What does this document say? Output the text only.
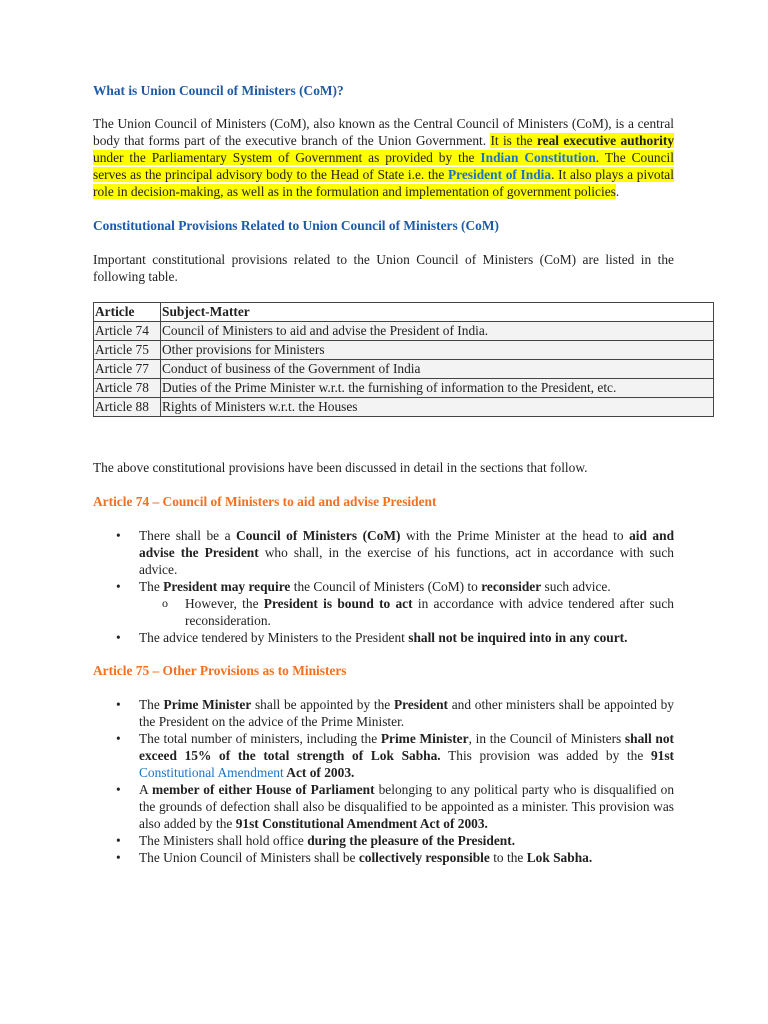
What is Union Council of Ministers (CoM)?

The Union Council of Ministers (CoM), also known as the Central Council of Ministers (CoM), is a central body that forms part of the executive branch of the Union Government. It is the real executive authority under the Parliamentary System of Government as provided by the Indian Constitution. The Council serves as the principal advisory body to the Head of State i.e. the President of India. It also plays a pivotal role in decision-making, as well as in the formulation and implementation of government policies.

Constitutional Provisions Related to Union Council of Ministers (CoM)

Important constitutional provisions related to the Union Council of Ministers (CoM) are listed in the following table.

Article	Subject-Matter
Article 74	Council of Ministers to aid and advise the President of India.
Article 75	Other provisions for Ministers
Article 77	Conduct of business of the Government of India
Article 78	Duties of the Prime Minister w.r.t. the furnishing of information to the President, etc.
Article 88	Rights of Ministers w.r.t. the Houses

The above constitutional provisions have been discussed in detail in the sections that follow.

Article 74 – Council of Ministers to aid and advise President
• There shall be a Council of Ministers (CoM) with the Prime Minister at the head to aid and advise the President who shall, in the exercise of his functions, act in accordance with such advice.
• The President may require the Council of Ministers (CoM) to reconsider such advice.
o However, the President is bound to act in accordance with advice tendered after such reconsideration.
• The advice tendered by Ministers to the President shall not be inquired into in any court.
Article 75 – Other Provisions as to Ministers
• The Prime Minister shall be appointed by the President and other ministers shall be appointed by the President on the advice of the Prime Minister.
• The total number of ministers, including the Prime Minister, in the Council of Ministers shall not exceed 15% of the total strength of Lok Sabha. This provision was added by the 91st Constitutional Amendment Act of 2003.
• A member of either House of Parliament belonging to any political party who is disqualified on the grounds of defection shall also be disqualified to be appointed as a minister. This provision was also added by the 91st Constitutional Amendment Act of 2003.
• The Ministers shall hold office during the pleasure of the President.
• The Union Council of Ministers shall be collectively responsible to the Lok Sabha.
